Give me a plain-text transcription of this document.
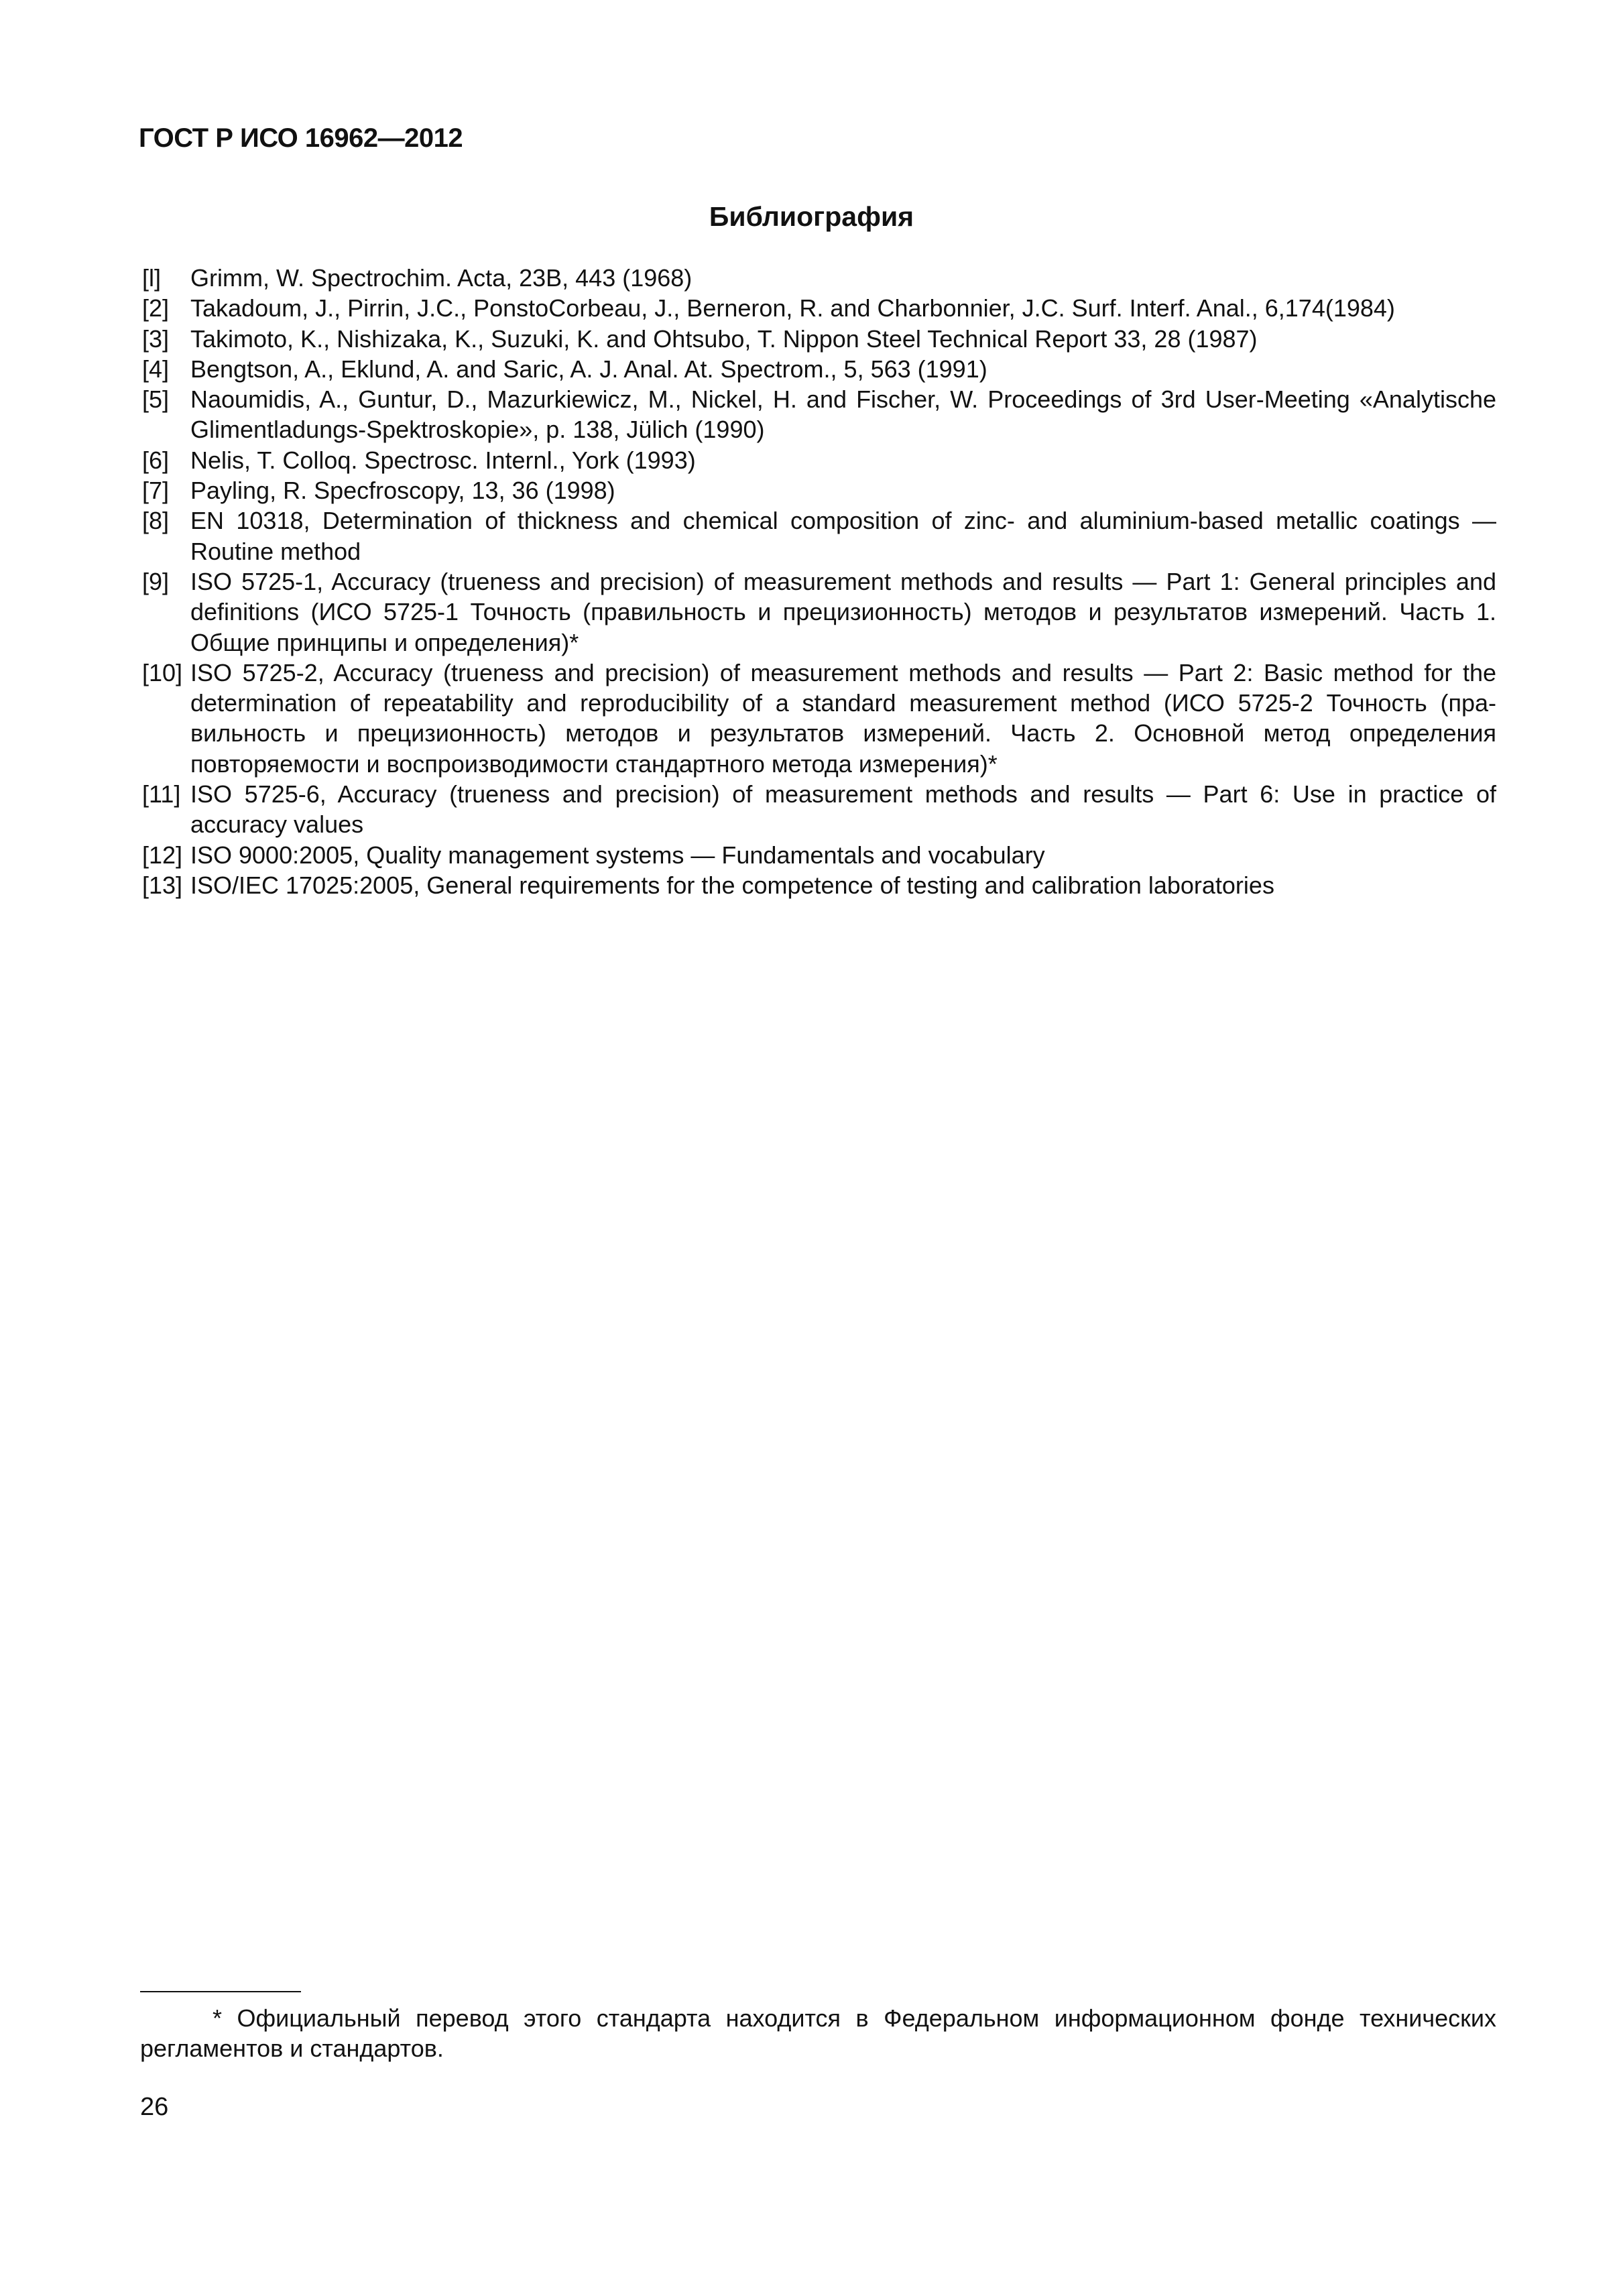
ГОСТ Р ИСО 16962—2012
Библиография
[l]	Grimm, W. Spectrochim. Acta, 23B, 443 (1968)
[2] Takadoum, J., Pirrin, J.C., PonstoCorbeau, J., Berneron, R. and Charbonnier, J.C. Surf. Interf. Anal., 6,174(1984)
[3] Takimoto, K., Nishizaka, K., Suzuki, K. and Ohtsubo, T. Nippon Steel Technical Report 33, 28 (1987)
[4] Bengtson, A., Eklund, A. and Saric, A. J. Anal. At. Spectrom., 5, 563 (1991)
[5] Naoumidis, A., Guntur, D., Mazurkiewicz, M., Nickel, H. and Fischer, W. Proceedings of 3rd User-Meeting «Analytische Glimentladungs-Spektroskopie», p. 138, Jülich (1990)
[6] Nelis, T. Colloq. Spectrosc. Internl., York (1993)
[7] Payling, R. Specfroscopy, 13, 36 (1998)
[8] EN 10318, Determination of thickness and chemical composition of zinc- and aluminium-based metallic coatings — Routine method
[9] ISO 5725-1, Accuracy (trueness and precision) of measurement methods and results — Part 1: General principles and definitions (ИСО 5725-1 Точность (правильность и прецизионность) методов и результатов измерений. Часть 1. Общие принципы и определения)*
[10] ISO 5725-2, Accuracy (trueness and precision) of measurement methods and results — Part 2: Basic method for the determination of repeatability and reproducibility of a standard measurement method (ИСО 5725-2 Точность (правильность и прецизионность) методов и результатов измерений. Часть 2. Основной метод определения повторяемости и воспроизводимости стандартного метода измерения)*
[11] ISO 5725-6, Accuracy (trueness and precision) of measurement methods and results — Part 6: Use in practice of accuracy values
[12] ISO 9000:2005, Quality management systems — Fundamentals and vocabulary
[13] ISO/IEC 17025:2005, General requirements for the competence of testing and calibration laboratories
* Официальный перевод этого стандарта находится в Федеральном информационном фонде технических регламентов и стандартов.
26
